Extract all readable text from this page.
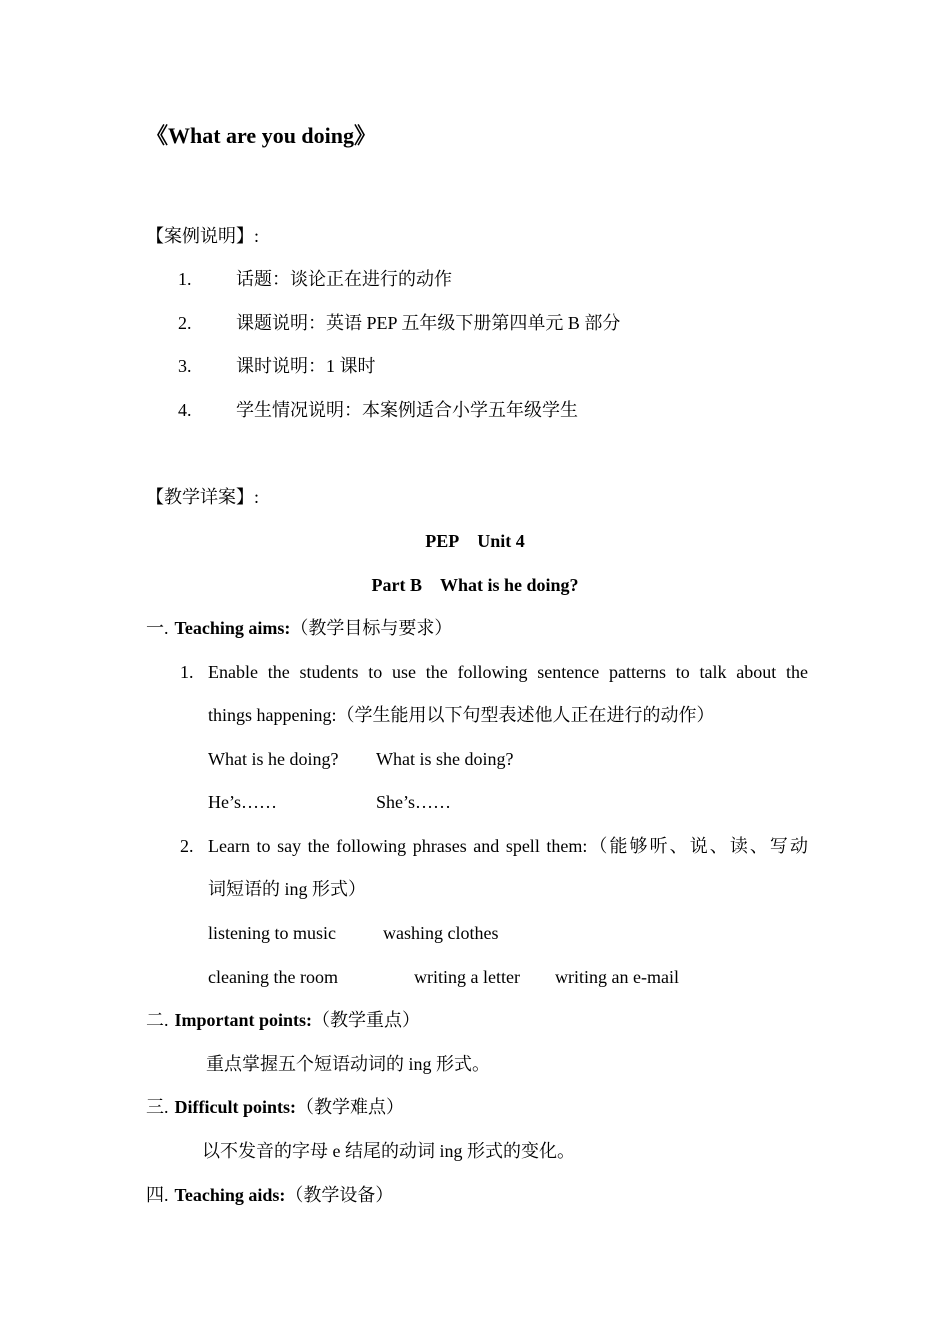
《What are you doing》
【案例说明】:
1. 话题：谈论正在进行的动作
2. 课题说明：英语 PEP 五年级下册第四单元 B 部分
3. 课时说明：1 课时
4. 学生情况说明：本案例适合小学五年级学生
【教学详案】:
PEP Unit 4
Part B What is he doing?
一. Teaching aims:（教学目标与要求）
1. Enable the students to use the following sentence patterns to talk about the
things happening:（学生能用以下句型表述他人正在进行的动作）
What is he doing? What is she doing?
He’s……	She’s……
2. Learn to say the following phrases and spell them:（能够听、说、读、写动
词短语的 ing 形式）
listening to music	washing clothes
cleaning the room	writing a letter writing an e-mail
二. Important points:（教学重点）
重点掌握五个短语动词的 ing 形式。
三. Difficult points:（教学难点）
以不发音的字母 e 结尾的动词 ing 形式的变化。
四. Teaching aids:（教学设备）
